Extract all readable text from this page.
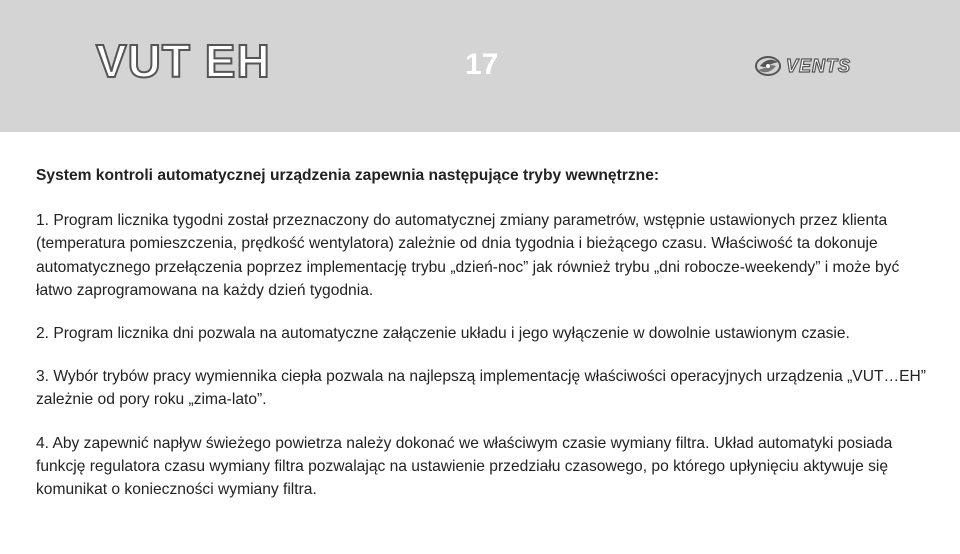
VUT EH	17	VENTS

System kontroli automatycznej urządzenia zapewnia następujące tryby wewnętrzne:

1. Program licznika tygodni został przeznaczony do automatycznej zmiany parametrów, wstępnie ustawionych przez klienta (temperatura pomieszczenia, prędkość wentylatora) zależnie od dnia tygodnia i bieżącego czasu. Właściwość ta dokonuje automatycznego przełączenia poprzez implementację trybu „dzień-noc” jak również trybu „dni robocze-weekendy” i może być łatwo zaprogramowana na każdy dzień tygodnia.

2. Program licznika dni pozwala na automatyczne załączenie układu i jego wyłączenie w dowolnie ustawionym czasie.

3. Wybór trybów pracy wymiennika ciepła pozwala na najlepszą implementację właściwości operacyjnych urządzenia „VUT…EH” zależnie od pory roku „zima-lato”.

4. Aby zapewnić napływ świeżego powietrza należy dokonać we właściwym czasie wymiany filtra. Układ automatyki posiada funkcję regulatora czasu wymiany filtra pozwalając na ustawienie przedziału czasowego, po którego upłynięciu aktywuje się komunikat o konieczności wymiany filtra.
